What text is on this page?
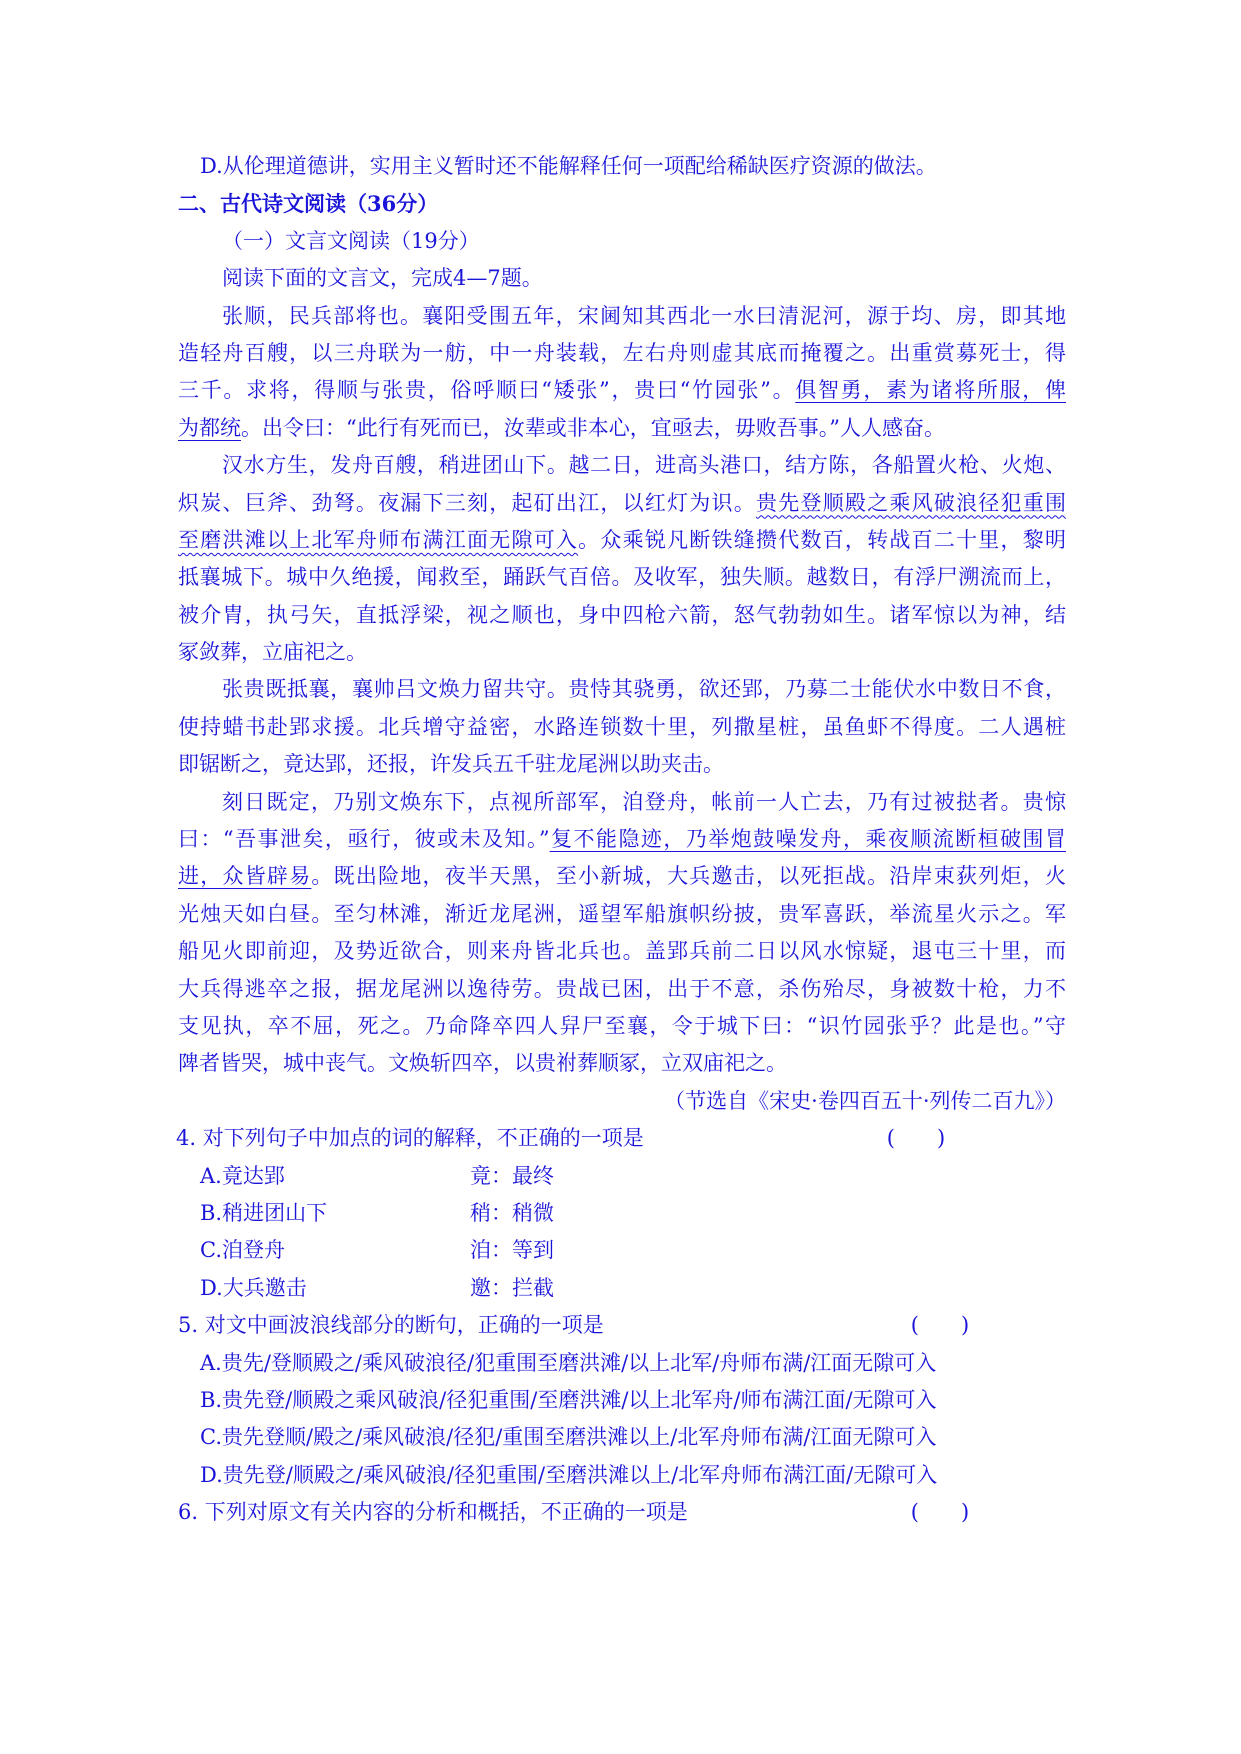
D.从伦理道德讲，实用主义暂时还不能解释任何一项配给稀缺医疗资源的做法。
二、古代诗文阅读（36分）
（一）文言文阅读（19分）
阅读下面的文言文，完成4—7题。
张顺，民兵部将也。襄阳受围五年，宋阃知其西北一水曰清泥河，源于均、房，即其地
造轻舟百艘，以三舟联为一舫，中一舟装载，左右舟则虚其底而掩覆之。出重赏募死士，得
三千。求将，得顺与张贵，俗呼顺曰“矮张”，贵曰“竹园张”。俱智勇，素为诸将所服，俾
为都统。出令曰：“此行有死而已，汝辈或非本心，宜亟去，毋败吾事。”人人感奋。
汉水方生，发舟百艘，稍进团山下。越二日，进高头港口，结方陈，各船置火枪、火炮、
炽炭、巨斧、劲弩。夜漏下三刻，起矴出江，以红灯为识。贵先登顺殿之乘风破浪径犯重围
至磨洪滩以上北军舟师布满江面无隙可入。众乘锐凡断铁缝攒代数百，转战百二十里，黎明
抵襄城下。城中久绝援，闻救至，踊跃气百倍。及收军，独失顺。越数日，有浮尸溯流而上，
被介胄，执弓矢，直抵浮梁，视之顺也，身中四枪六箭，怒气勃勃如生。诸军惊以为神，结
冢敛葬，立庙祀之。
张贵既抵襄，襄帅吕文焕力留共守。贵恃其骁勇，欲还郢，乃募二士能伏水中数日不食，
使持蜡书赴郢求援。北兵增守益密，水路连锁数十里，列撒星桩，虽鱼虾不得度。二人遇桩
即锯断之，竟达郢，还报，许发兵五千驻龙尾洲以助夹击。
刻日既定，乃别文焕东下，点视所部军，洎登舟，帐前一人亡去，乃有过被挞者。贵惊
曰：“吾事泄矣，亟行，彼或未及知。”复不能隐迹，乃举炮鼓噪发舟，乘夜顺流断桓破围冒
进，众皆辟易。既出险地，夜半天黑，至小新城，大兵邀击，以死拒战。沿岸束荻列炬，火
光烛天如白昼。至匀林滩，渐近龙尾洲，遥望军船旗帜纷披，贵军喜跃，举流星火示之。军
船见火即前迎，及势近欲合，则来舟皆北兵也。盖郢兵前二日以风水惊疑，退屯三十里，而
大兵得逃卒之报，据龙尾洲以逸待劳。贵战已困，出于不意，杀伤殆尽，身被数十枪，力不
支见执，卒不屈，死之。乃命降卒四人舁尸至襄，令于城下曰：“识竹园张乎？此是也。”守
陴者皆哭，城中丧气。文焕斩四卒，以贵祔葬顺冢，立双庙祀之。
（节选自《宋史·卷四百五十·列传二百九》）
4. 对下列句子中加点的词的解释，不正确的一项是	(　　)
A.竟达郢	竟：最终
B.稍进团山下	稍：稍微
C.洎登舟	洎：等到
D.大兵邀击	邀：拦截
5. 对文中画波浪线部分的断句，正确的一项是	(　　)
A.贵先/登顺殿之/乘风破浪径/犯重围至磨洪滩/以上北军/舟师布满/江面无隙可入
B.贵先登/顺殿之乘风破浪/径犯重围/至磨洪滩/以上北军舟/师布满江面/无隙可入
C.贵先登顺/殿之/乘风破浪/径犯/重围至磨洪滩以上/北军舟师布满/江面无隙可入
D.贵先登/顺殿之/乘风破浪/径犯重围/至磨洪滩以上/北军舟师布满江面/无隙可入
6. 下列对原文有关内容的分析和概括，不正确的一项是	(　　)
